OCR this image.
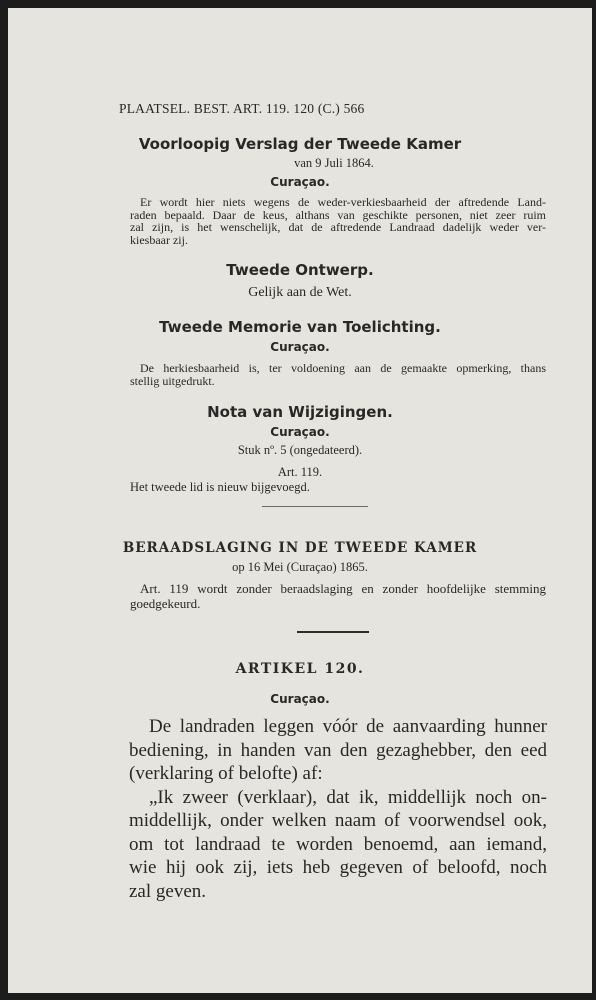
PLAATSEL. BEST. ART. 119. 120 (C.) 566

Voorloopig Verslag der Tweede Kamer

van 9 Juli 1864.

Curaçao.

Er wordt hier niets wegens de weder-verkiesbaarheid der aftredende Land-
raden bepaald. Daar de keus, althans van geschikte personen, niet zeer ruim
zal zijn, is het wenschelijk, dat de aftredende Landraad dadelijk weder ver-
kiesbaar zij.

Tweede Ontwerp.

Gelijk aan de Wet.

Tweede Memorie van Toelichting.

Curaçao.

De herkiesbaarheid is, ter voldoening aan de gemaakte opmerking, thans
stellig uitgedrukt.

Nota van Wijzigingen.

Curaçao.

Stuk nº. 5 (ongedateerd).

Art. 119.

Het tweede lid is nieuw bijgevoegd.

BERAADSLAGING IN DE TWEEDE KAMER

op 16 Mei (Curaçao) 1865.

Art. 119 wordt zonder beraadslaging en zonder hoofdelijke stemming
goedgekeurd.

ARTIKEL 120.

Curaçao.

De landraden leggen vóór de aanvaarding hunner
bediening, in handen van den gezaghebber, den eed
(verklaring of belofte) af:
„Ik zweer (verklaar), dat ik, middellijk noch on-
middellijk, onder welken naam of voorwendsel ook,
om tot landraad te worden benoemd, aan iemand,
wie hij ook zij, iets heb gegeven of beloofd, noch
zal geven.
